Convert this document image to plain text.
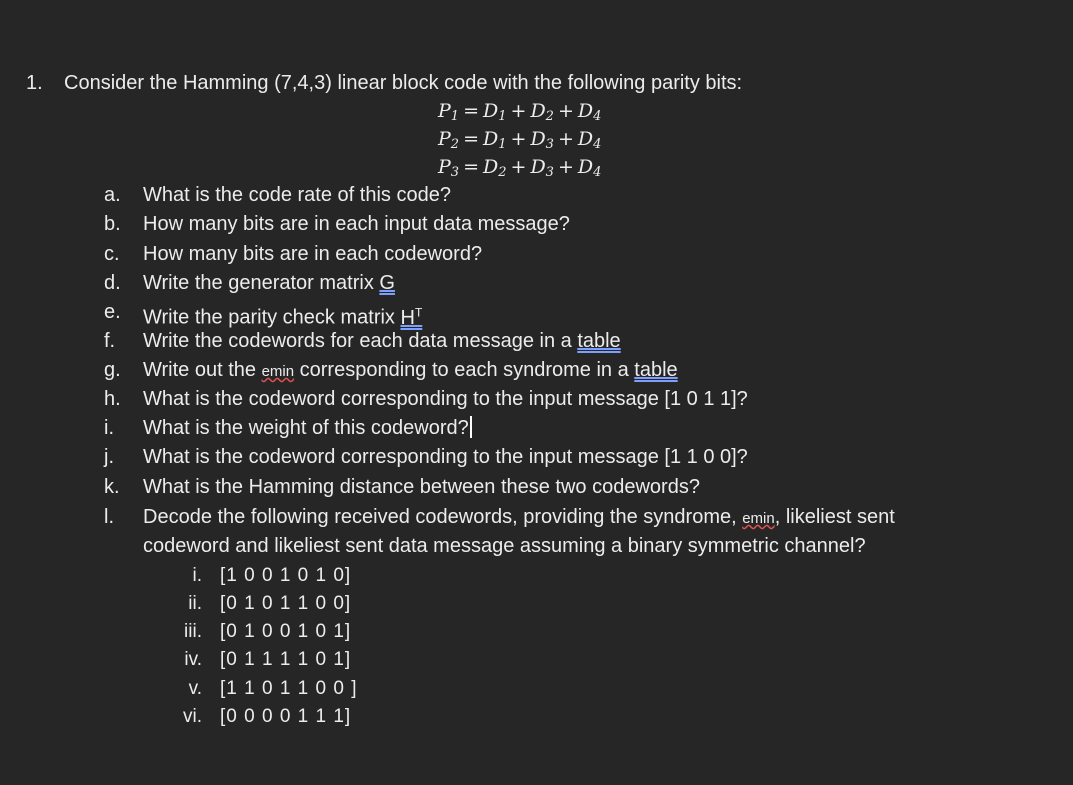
1. Consider the Hamming (7,4,3) linear block code with the following parity bits:
$P_1 = D_1 + D_2 + D_4$
$P_2 = D_1 + D_3 + D_4$
$P_3 = D_2 + D_3 + D_4$
a. What is the code rate of this code?
b. How many bits are in each input data message?
c. How many bits are in each codeword?
d. Write the generator matrix G
e. Write the parity check matrix $H^T$
f. Write the codewords for each data message in a table
g. Write out the emin corresponding to each syndrome in a table
h. What is the codeword corresponding to the input message [1 0 1 1]?
i. What is the weight of this codeword?
j. What is the codeword corresponding to the input message [1 1 0 0]?
k. What is the Hamming distance between these two codewords?
l. Decode the following received codewords, providing the syndrome, emin, likeliest sent
codeword and likeliest sent data message assuming a binary symmetric channel?
i. [1 0 0 1 0 1 0]
ii. [0 1 0 1 1 0 0]
iii. [0 1 0 0 1 0 1]
iv. [0 1 1 1 1 0 1]
v. [1 1 0 1 1 0 0 ]
vi. [0 0 0 0 1 1 1]
